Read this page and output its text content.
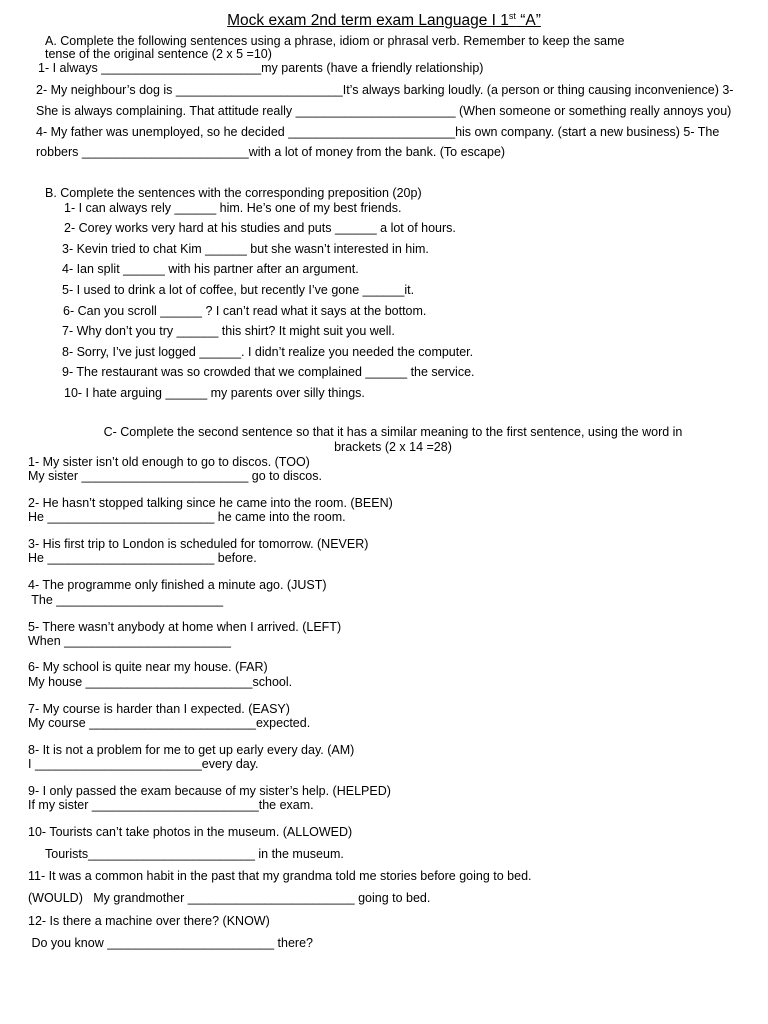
Mock exam 2nd term exam Language I 1st “A”
A. Complete the following sentences using a phrase, idiom or phrasal verb. Remember to keep the same
tense of the original sentence (2 x 5 =10)
1- I always _______________________my parents (have a friendly relationship)
2- My neighbour’s dog is ________________________It’s always barking loudly. (a person or thing causing inconvenience) 3- She is always complaining. That attitude really _______________________ (When someone or something really annoys you) 4- My father was unemployed, so he decided ________________________his own company. (start a new business) 5- The robbers ________________________with a lot of money from the bank. (To escape)
B. Complete the sentences with the corresponding preposition (20p)
1- I can always rely ______ him. He’s one of my best friends.
2- Corey works very hard at his studies and puts ______ a lot of hours.
3- Kevin tried to chat Kim ______ but she wasn’t interested in him.
4- Ian split ______ with his partner after an argument.
5- I used to drink a lot of coffee, but recently I’ve gone ______it.
6- Can you scroll ______ ? I can’t read what it says at the bottom.
7- Why don’t you try ______ this shirt? It might suit you well.
8- Sorry, I’ve just logged ______. I didn’t realize you needed the computer.
9- The restaurant was so crowded that we complained ______ the service.
10- I hate arguing ______ my parents over silly things.
C- Complete the second sentence so that it has a similar meaning to the first sentence, using the word in
brackets (2 x 14 =28)
1- My sister isn’t old enough to go to discos. (TOO)
My sister ________________________ go to discos.
2- He hasn’t stopped talking since he came into the room. (BEEN)
He ________________________ he came into the room.
3- His first trip to London is scheduled for tomorrow. (NEVER)
He ________________________ before.
4- The programme only finished a minute ago. (JUST)
The ________________________
5- There wasn’t anybody at home when I arrived. (LEFT)
When ________________________
6- My school is quite near my house. (FAR)
My house ________________________school.
7- My course is harder than I expected. (EASY)
My course ________________________expected.
8- It is not a problem for me to get up early every day. (AM)
I ________________________every day.
9- I only passed the exam because of my sister’s help. (HELPED)
If my sister ________________________the exam.
10- Tourists can’t take photos in the museum. (ALLOWED)
Tourists________________________ in the museum.
11- It was a common habit in the past that my grandma told me stories before going to bed.
(WOULD)   My grandmother ________________________ going to bed.
12- Is there a machine over there? (KNOW)
Do you know ________________________ there?
